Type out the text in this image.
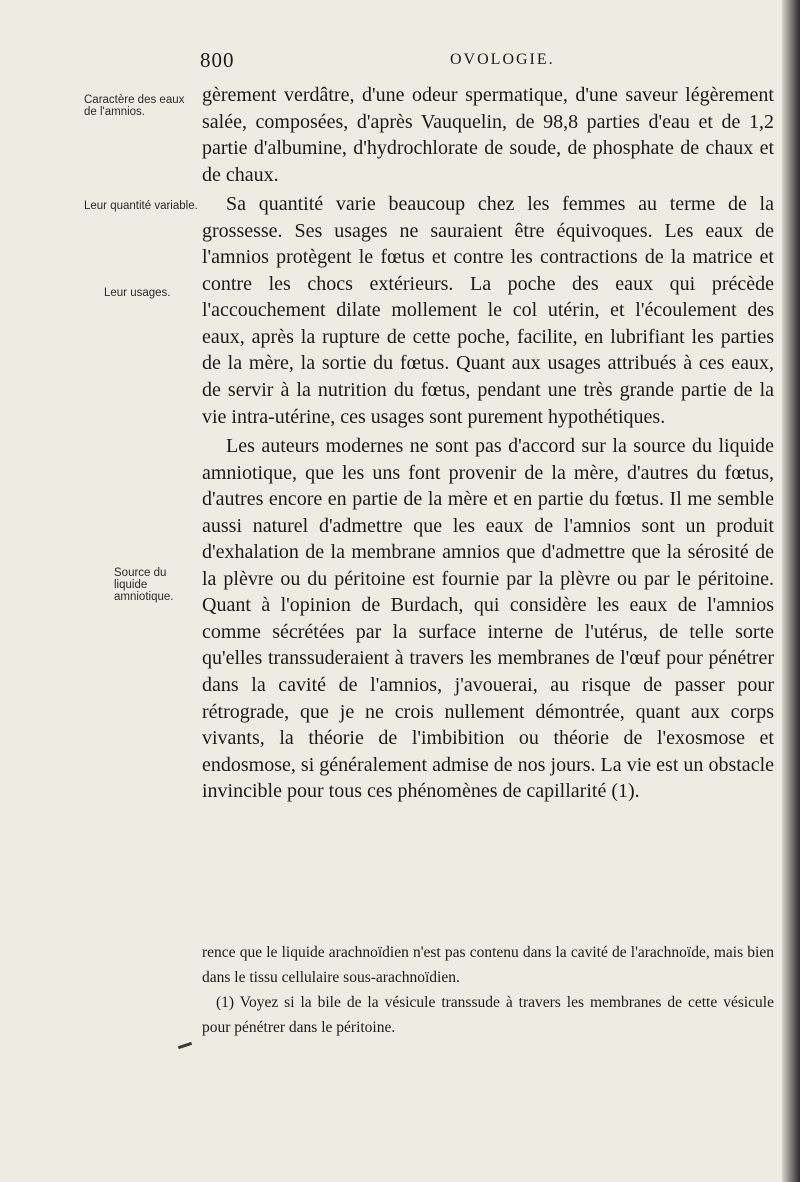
800	OVOLOGIE.
Caractère des eaux de l'amnios.
Leur quantité variable.
Leur usages.
Source du liquide amniotique.

gèrement verdâtre, d'une odeur spermatique, d'une saveur légèrement salée, composées, d'après Vauquelin, de 98,8 parties d'eau et de 1,2 partie d'albumine, d'hydrochlorate de soude, de phosphate de chaux et de chaux.

Sa quantité varie beaucoup chez les femmes au terme de la grossesse. Ses usages ne sauraient être équivoques. Les eaux de l'amnios protègent le fœtus et contre les contractions de la matrice et contre les chocs extérieurs. La poche des eaux qui précède l'accouchement dilate mollement le col utérin, et l'écoulement des eaux, après la rupture de cette poche, facilite, en lubrifiant les parties de la mère, la sortie du fœtus. Quant aux usages attribués à ces eaux, de servir à la nutrition du fœtus, pendant une très grande partie de la vie intra-utérine, ces usages sont purement hypothétiques.

Les auteurs modernes ne sont pas d'accord sur la source du liquide amniotique, que les uns font provenir de la mère, d'autres du fœtus, d'autres encore en partie de la mère et en partie du fœtus. Il me semble aussi naturel d'admettre que les eaux de l'amnios sont un produit d'exhalation de la membrane amnios que d'admettre que la sérosité de la plèvre ou du péritoine est fournie par la plèvre ou par le péritoine. Quant à l'opinion de Burdach, qui considère les eaux de l'amnios comme sécrétées par la surface interne de l'utérus, de telle sorte qu'elles transsuderaient à travers les membranes de l'œuf pour pénétrer dans la cavité de l'amnios, j'avouerai, au risque de passer pour rétrograde, que je ne crois nullement démontrée, quant aux corps vivants, la théorie de l'imbibition ou théorie de l'exosmose et endosmose, si généralement admise de nos jours. La vie est un obstacle invincible pour tous ces phénomènes de capillarité (1).

rence que le liquide arachnoïdien n'est pas contenu dans la cavité de l'arachnoïde, mais bien dans le tissu cellulaire sous-arachnoïdien.

(1) Voyez si la bile de la vésicule transsude à travers les membranes de cette vésicule pour pénétrer dans le péritoine.
